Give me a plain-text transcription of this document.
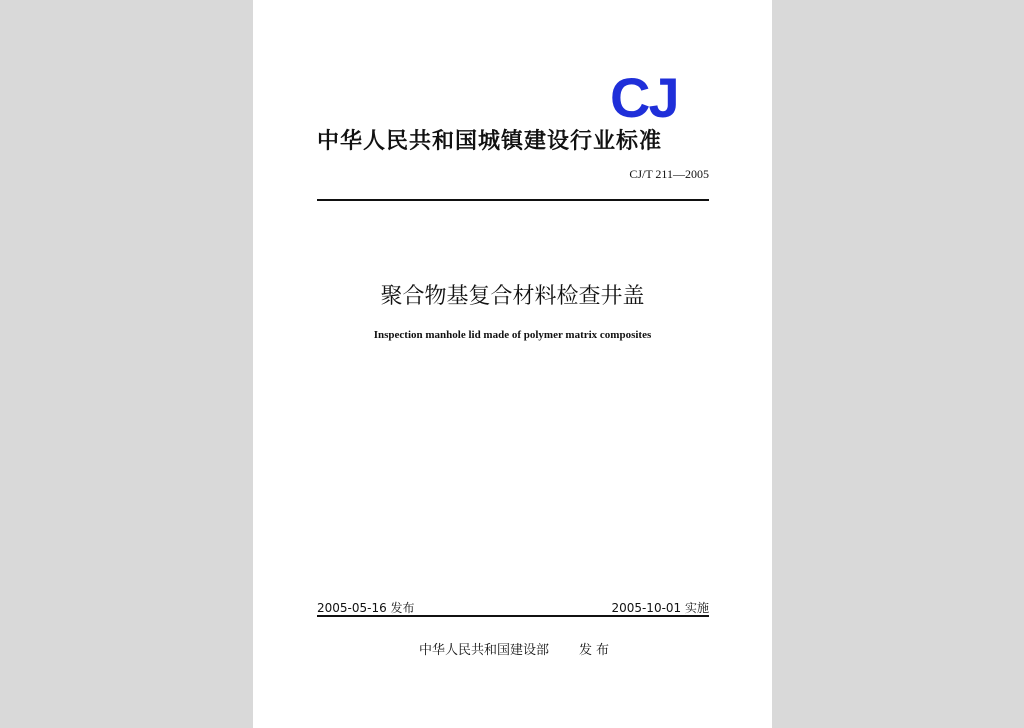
CJ
中华人民共和国城镇建设行业标准
CJ/T 211—2005
聚合物基复合材料检查井盖
Inspection manhole lid made of polymer matrix composites
2005-05-16 发布	2005-10-01 实施
中华人民共和国建设部 发布
